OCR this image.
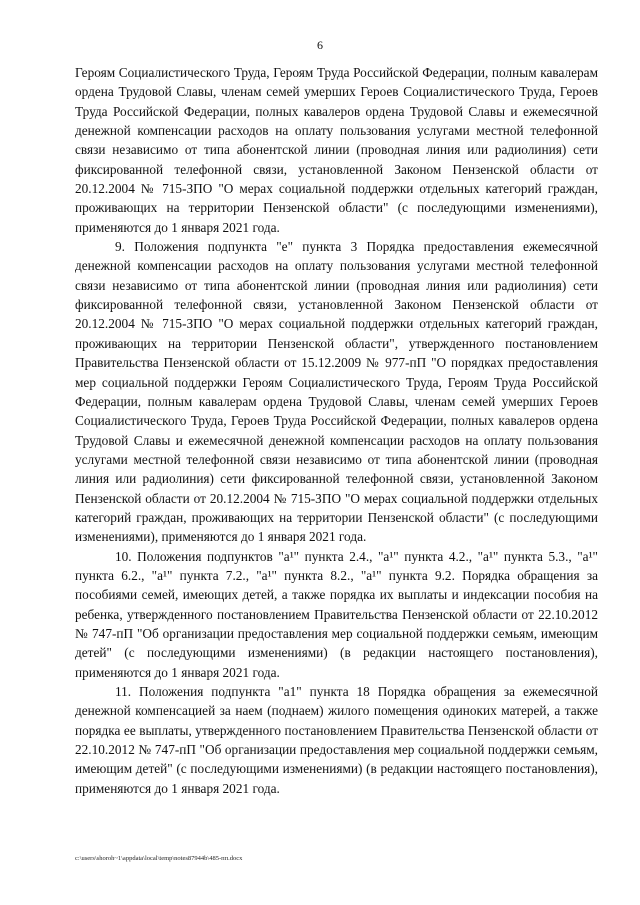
6

Героям Социалистического Труда, Героям Труда Российской Федерации, полным кавалерам ордена Трудовой Славы, членам семей умерших Героев Социалистического Труда, Героев Труда Российской Федерации, полных кавалеров ордена Трудовой Славы и ежемесячной денежной компенсации расходов на оплату пользования услугами местной телефонной связи независимо от типа абонентской линии (проводная линия или радиолиния) сети фиксированной телефонной связи, установленной Законом Пензенской области от 20.12.2004 № 715-ЗПО "О мерах социальной поддержки отдельных категорий граждан, проживающих на территории Пензенской области" (с последующими изменениями), применяются до 1 января 2021 года.

9. Положения подпункта "е" пункта 3 Порядка предоставления ежемесячной денежной компенсации расходов на оплату пользования услугами местной телефонной связи независимо от типа абонентской линии (проводная линия или радиолиния) сети фиксированной телефонной связи, установленной Законом Пензенской области от 20.12.2004 № 715-ЗПО "О мерах социальной поддержки отдельных категорий граждан, проживающих на территории Пензенской области", утвержденного постановлением Правительства Пензенской области от 15.12.2009 № 977-пП "О порядках предоставления мер социальной поддержки Героям Социалистического Труда, Героям Труда Российской Федерации, полным кавалерам ордена Трудовой Славы, членам семей умерших Героев Социалистического Труда, Героев Труда Российской Федерации, полных кавалеров ордена Трудовой Славы и ежемесячной денежной компенсации расходов на оплату пользования услугами местной телефонной связи независимо от типа абонентской линии (проводная линия или радиолиния) сети фиксированной телефонной связи, установленной Законом Пензенской области от 20.12.2004 № 715-ЗПО "О мерах социальной поддержки отдельных категорий граждан, проживающих на территории Пензенской области" (с последующими изменениями), применяются до 1 января 2021 года.

10. Положения подпунктов "а¹" пункта 2.4., "а¹" пункта 4.2., "а¹" пункта 5.3., "а¹" пункта 6.2., "а¹" пункта 7.2., "а¹" пункта 8.2., "а¹" пункта 9.2. Порядка обращения за пособиями семей, имеющих детей, а также порядка их выплаты и индексации пособия на ребенка, утвержденного постановлением Правительства Пензенской области от 22.10.2012 № 747-пП "Об организации предоставления мер социальной поддержки семьям, имеющим детей" (с последующими изменениями) (в редакции настоящего постановления), применяются до 1 января 2021 года.

11. Положения подпункта "а1" пункта 18 Порядка обращения за ежемесячной денежной компенсацией за наем (поднаем) жилого помещения одиноких матерей, а также порядка ее выплаты, утвержденного постановлением Правительства Пензенской области от 22.10.2012 № 747-пП "Об организации предоставления мер социальной поддержки семьям, имеющим детей" (с последующими изменениями) (в редакции настоящего постановления), применяются до 1 января 2021 года.

c:\users\shoroh~1\appdata\local\temp\notes87944b\485-пп.docx
